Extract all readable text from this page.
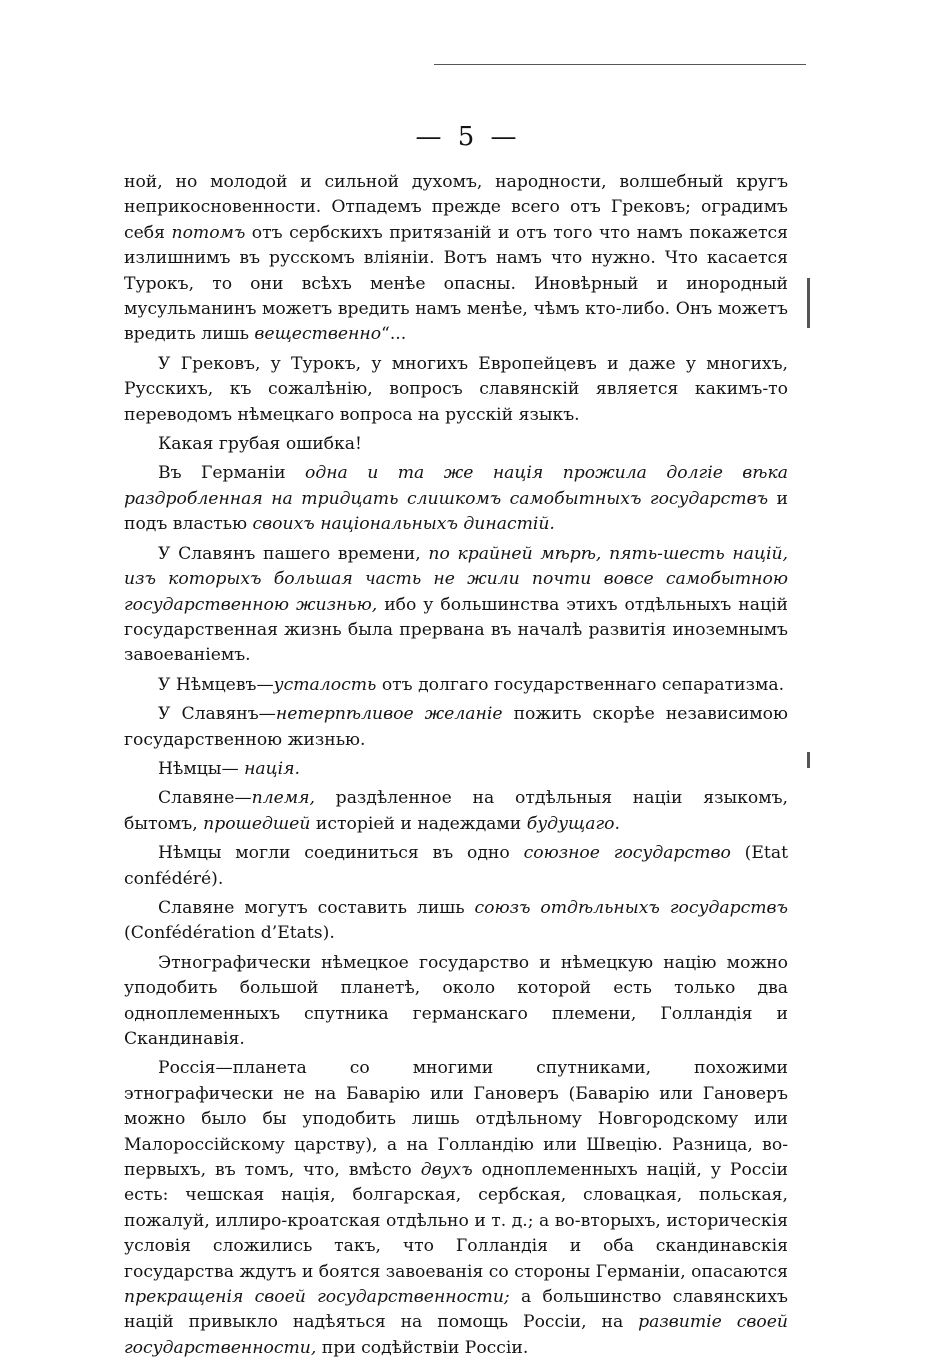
— 5 —

ной, но молодой и сильной духомъ, народности, волшебный кругъ неприкосновенности. Отпадемъ прежде всего отъ Грековъ; оградимъ себя потомъ отъ сербскихъ притязаній и отъ того что намъ покажется излишнимъ въ русскомъ вліяніи. Вотъ намъ что нужно. Что касается Турокъ, то они всѣхъ менѣе опасны. Иновѣрный и инородный мусульманинъ можетъ вредить намъ менѣе, чѣмъ кто-либо. Онъ можетъ вредить лишь вещественно“...

У Грековъ, у Турокъ, у многихъ Европейцевъ и даже у многихъ, Русскихъ, къ сожалѣнію, вопросъ славянскій является какимъ-то переводомъ нѣмецкаго вопроса на русскій языкъ.

Какая грубая ошибка!

Въ Германіи одна и та же нація прожила долгіе вѣка раздробленная на тридцать слишкомъ самобытныхъ государствъ и подъ властью своихъ національныхъ династій.

У Славянъ пашего времени, по крайней мѣрѣ, пять-шесть націй, изъ которыхъ большая часть не жили почти вовсе самобытною государственною жизнью, ибо у большинства этихъ отдѣльныхъ націй государственная жизнь была прервана въ началѣ развитія иноземнымъ завоеваніемъ.

У Нѣмцевъ—усталость отъ долгаго государственнаго сепаратизма.

У Славянъ—нетерпѣливое желаніе пожить скорѣе независимою государственною жизнью.

Нѣмцы— нація.

Славяне—племя, раздѣленное на отдѣльныя націи языкомъ, бытомъ, прошедшей исторіей и надеждами будущаго.

Нѣмцы могли соединиться въ одно союзное государство (Etat confédéré).

Славяне могутъ составить лишь союзъ отдѣльныхъ государствъ (Confédération d’Etats).

Этнографически нѣмецкое государство и нѣмецкую націю можно уподобить большой планетѣ, около которой есть только два одноплеменныхъ спутника германскаго племени, Голландія и Скандинавія.

Россія—планета со многими спутниками, похожими этнографически не на Баварію или Гановеръ (Баварію или Гановеръ можно было бы уподобить лишь отдѣльному Новгородскому или Малороссійскому царству), а на Голландію или Швецію. Разница, во-первыхъ, въ томъ, что, вмѣсто двухъ одноплеменныхъ націй, у Россіи есть: чешская нація, болгарская, сербская, словацкая, польская, пожалуй, иллиро-кроатская отдѣльно и т. д.; а во-вторыхъ, историческія условія сложились такъ, что Голландія и оба скандинавскія государства ждутъ и боятся завоеванія со стороны Германіи, опасаются прекращенія своей государственности; а большинство славянскихъ націй привыкло надѣяться на помощь Россіи, на развитіе своей государственности, при содѣйствіи Россіи.
